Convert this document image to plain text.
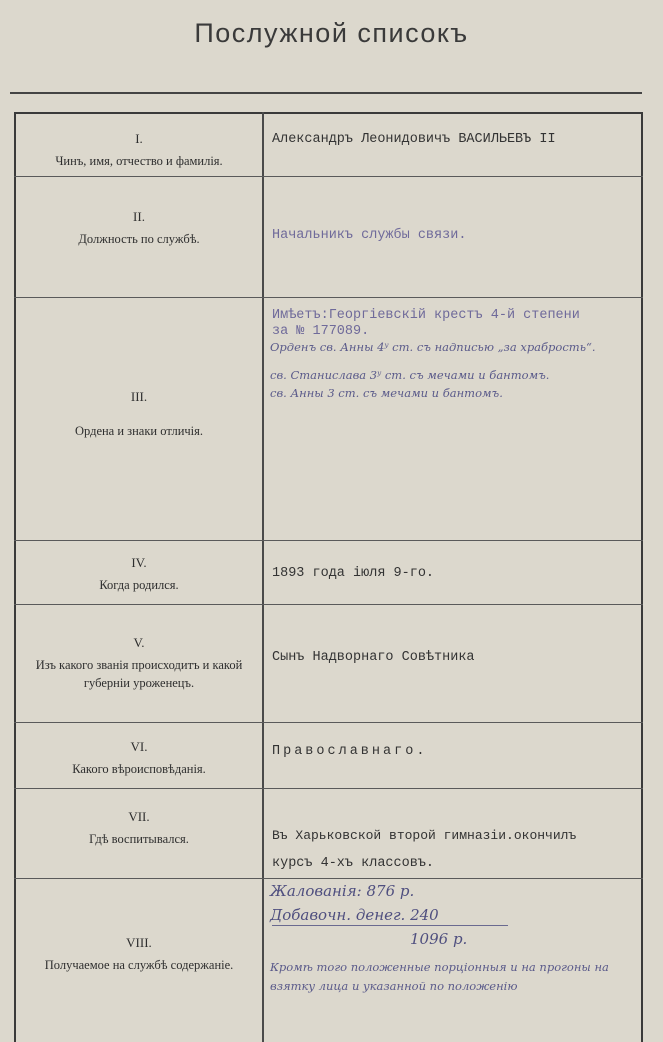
Послужной списокъ
I.
Чинъ, имя, отчество и фамилія.
Александръ Леонидовичъ ВАСИЛЬЕВЪ II
II.
Должность по службѣ.	Начальникъ службы связи.
III.
Ордена и знаки отличія.
Имѣетъ:Георгіевскій крестъ 4-й степени
за № 177089.
Орденъ св. Анны 4ʸ ст. съ надписью „за храбрость“.
св. Станислава 3ʸ ст. съ мечами и бантомъ.
св. Анны 3 ст. съ мечами и бантомъ.
IV.
Когда родился.
1893 года іюля 9-го.
V.
Изъ какого званія происходитъ и какой губерніи уроженецъ.
Сынъ Надворнаго Совѣтника
VI.
Какого вѣроисповѣданія.
Православнаго.
VII.
Гдѣ воспитывался.	Въ Харьковской второй гимназіи.окончилъ
курсъ 4-хъ классовъ.
VIII.
Получаемое на службѣ содержаніе.
Жалованія: 876 р.
Добавочн. денег. 240
1096 р.
Кромѣ того положенные порціонныя и на прогоны на взятку лица и указанной по положенію
